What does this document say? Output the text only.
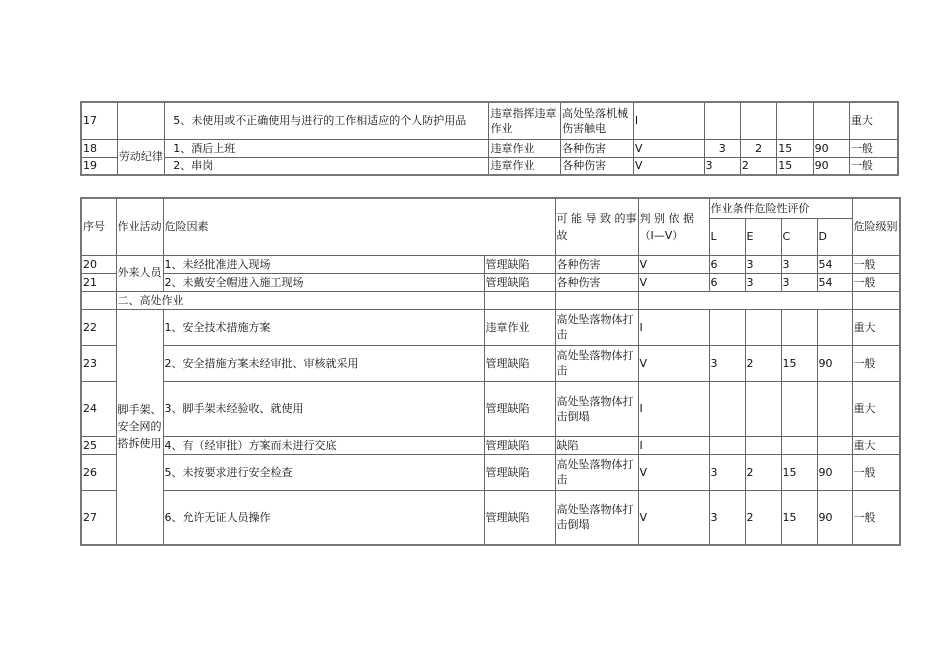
17		5、未使用或不正确使用与进行的工作相适应的个人防护用品	违章指挥违章作业	高处坠落机械伤害触电	I					重大
18	劳动纪律	1、酒后上班	违章作业	各种伤害	V	3	2	15	90	一般
19		2、串岗	违章作业	各种伤害	V	3	2	15	90	一般
序号	作业活动	危险因素		可 能 导 致 的事故	判 别 依 据 （I—V）	作业条件危险性评价				危险级别
						L	E	C	D	
20	外来人员	1、未经批准进入现场	管理缺陷	各种伤害	V	6	3	3	54	一般
21		2、未戴安全帽进入施工现场	管理缺陷	各种伤害	V	6	3	3	54	一般
	二、高处作业									
22	脚手架、安全网的搭拆使用	1、安全技术措施方案	违章作业	高处坠落物体打击	I					重大
23		2、安全措施方案未经审批、审核就采用	管理缺陷	高处坠落物体打击	V	3	2	15	90	一般
24		3、脚手架未经验收、就使用	管理缺陷	高处坠落物体打击倒塌	I					重大
25		4、有（经审批）方案而未进行交底	管理缺陷	缺陷	I					重大
26		5、未按要求进行安全检查	管理缺陷	高处坠落物体打击	V	3	2	15	90	一般
27		6、允许无证人员操作	管理缺陷	高处坠落物体打击倒塌	V	3	2	15	90	一般
